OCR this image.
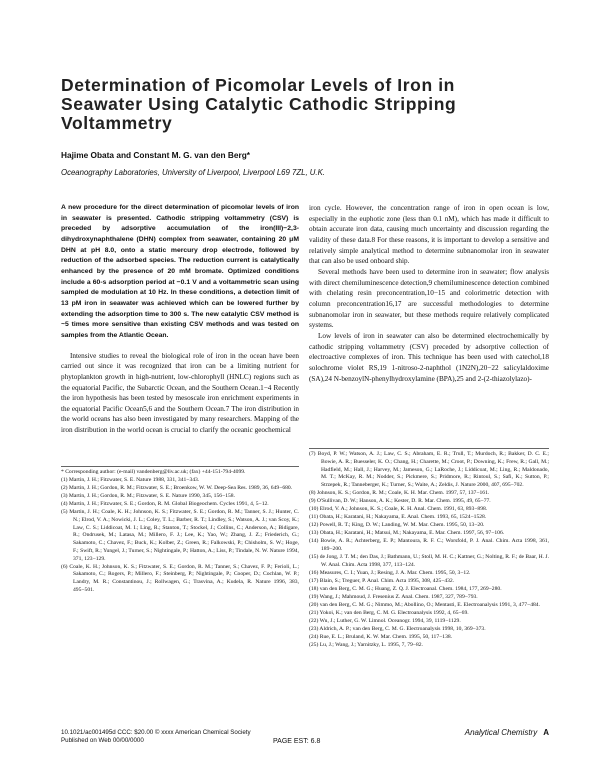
Determination of Picomolar Levels of Iron in
Seawater Using Catalytic Cathodic Stripping
Voltammetry
Hajime Obata and Constant M. G. van den Berg*
Oceanography Laboratories, University of Liverpool, Liverpool L69 7ZL, U.K.

A new procedure for the direct determination of picomolar levels of iron in seawater is presented. Cathodic stripping voltammetry (CSV) is preceded by adsorptive accumulation of the iron(III)−2,3-dihydroxynaphthalene (DHN) complex from seawater, containing 20 μM DHN at pH 8.0, onto a static mercury drop electrode, followed by reduction of the adsorbed species. The reduction current is catalytically enhanced by the presence of 20 mM bromate. Optimized conditions include a 60-s adsorption period at −0.1 V and a voltammetric scan using sampled de modulation at 10 Hz. In these conditions, a detection limit of 13 pM iron in seawater was achieved which can be lowered further by extending the adsorption time to 300 s. The new catalytic CSV method is ~5 times more sensitive than existing CSV methods and was tested on samples from the Atlantic Ocean.

Intensive studies to reveal the biological role of iron in the ocean have been carried out since it was recognized that iron can be a limiting nutrient for phytoplankton growth in high-nutrient, low-chlorophyll (HNLC) regions such as the equatorial Pacific, the Subarctic Ocean, and the Southern Ocean.1−4 Recently the iron hypothesis has been tested by mesoscale iron enrichment experiments in the equatorial Pacific Ocean5,6 and the Southern Ocean.7 The iron distribution in the world oceans has also been investigated by many researchers. Mapping of the iron distribution in the world ocean is crucial to clarify the oceanic geochemical

iron cycle. However, the concentration range of iron in open ocean is low, especially in the euphotic zone (less than 0.1 nM), which has made it difficult to obtain accurate iron data, causing much uncertainty and discussion regarding the validity of these data.8 For these reasons, it is important to develop a sensitive and relatively simple analytical method to determine subnanomolar iron in seawater that can also be used onboard ship.

Several methods have been used to determine iron in seawater; flow analysis with direct chemiluminescence detection,9 chemiluminescence detection combined with chelating resin preconcentration,10−15 and colorimetric detection with column preconcentration16,17 are successful methodologies to determine subnanomolar iron in seawater, but these methods require relatively complicated systems.

Low levels of iron in seawater can also be determined electrochemically by cathodic stripping voltammetry (CSV) preceded by adsorptive collection of electroactive complexes of iron. This technique has been used with catechol,18 solochrome violet RS,19 1-nitroso-2-naphthol (1N2N),20−22 salicylaldoxime (SA),24 N-benzoylN-phenylhydroxylamine (BPA),25 and 2-(2-thiazolylazo)-

* Corresponding author: (e-mail) vandenberg@liv.ac.uk; (fax) +44-151-794-4099.

(1) Martin, J. H.; Fitzwater, S. E. Nature 1988, 331, 341−343.

(2) Martin, J. H.; Gordon, R. M.; Fitzwater, S. E.; Broenkow, W. W. Deep-Sea Res. 1989, 36, 649−680.

(3) Martin, J. H.; Gordon, R. M.; Fitzwater, S. E. Nature 1990, 345, 156−158.

(4) Martin, J. H.; Fitzwater, S. E.; Gordon, R. M. Global Biogeochem. Cycles 1991, 4, 5−12.

(5) Martin, J. H.; Coale, K. H.; Johnson, K. S.; Fitzwater, S. E.; Gordon, R. M.; Tanner, S. J.; Hunter, C. N.; Elrod, V. A.; Nowicki, J. L.; Coley, T. L.; Barber, R. T.; Lindley, S.; Watson, A. J.; van Scoy, K.; Law, C. S.; Liddicoat, M. I.; Ling, R.; Stanton, T.; Stockel, J.; Collins, C.; Anderson, A.; Bidigare, R.; Ondrusek, M.; Latasa, M.; Millero, F. J.; Lee, K.; Yao, W.; Zhang, J. Z.; Friederich, G.; Sakamoto, C.; Chavez, F.; Buck, K.; Kolber, Z.; Green, R.; Falkowski, P.; Chisholm, S. W.; Hoge, F.; Swift, R.; Yungel, J.; Turner, S.; Nightingale, P.; Hatton, A.; Liss, P.; Tindale, N. W. Nature 1994, 371, 123−129.

(6) Coale, K. H.; Johnson, K. S.; Fitzwater, S. E.; Gordon, R. M.; Tanner, S.; Chavez, F. P.; Ferioli, L.; Sakamoto, C.; Rogers, P.; Millero, F.; Steinberg, P.; Nightingale, P.; Cooper, D.; Cochlan, W. P.; Landry, M. R.; Constantinou, J.; Rollwagen, G.; Trasvina, A.; Kudela, R. Nature 1996, 383, 495−501.

(7) Boyd, P. W.; Watson, A. J.; Law, C. S.; Abraham, E. R.; Trull, T.; Murdoch, R.; Bakker, D. C. E.; Bowie, A. R.; Buesseler, K. O.; Chang, H.; Charette, M.; Croot, P.; Downing, K.; Frew, R.; Gall, M.; Hadfield, M.; Hall, J.; Harvey, M.; Jameson, G.; LaRoche, J.; Liddicoat, M.; Ling, R.; Maldonado, M. T.; McKay, R. M.; Nodder, S.; Pickmere, S.; Pridmore, R.; Rintoul, S.; Safi, K.; Sutton, P.; Strzepek, R.; Tanneberger, K.; Turner, S.; Waite, A.; Zeldis, J. Nature 2000, 407, 695−702.

(8) Johnson, K. S.; Gordon, R. M.; Coale, K. H. Mar. Chem. 1997, 57, 137−161.

(9) O'Sullivan, D. W.; Hanson, A. K.; Kester, D. R. Mar. Chem. 1995, 49, 65−77.

(10) Elrod, V. A.; Johnson, K. S.; Coale, K. H. Anal. Chem. 1991, 63, 893−898.

(11) Obata, H.; Karatani, H.; Nakayama, E. Anal. Chem. 1993, 65, 1524−1528.

(12) Powell, R. T.; King, D. W.; Landing, W. M. Mar. Chem. 1995, 50, 13−20.

(13) Obata, H.; Karatani, H.; Matsui, M.; Nakayama, E. Mar. Chem. 1997, 56, 97−106.

(14) Bowie, A. R.; Achterberg, E. P.; Mantoura, R. F. C.; Worsfold, P. J. Anal. Chim. Acta 1998, 361, 189−200.

(15) de Jong, J. T. M.; den Das, J.; Bathmann, U.; Stoll, M. H. C.; Kattner, G.; Nolting, R. F.; de Baar, H. J. W. Anal. Chim. Acta 1998, 377, 113−124.

(16) Measures, C. I.; Yuan, J.; Resing, J. A. Mar. Chem. 1995, 50, 3−12.

(17) Blain, S.; Treguer, P. Anal. Chim. Acta 1995, 308, 425−432.

(18) van den Berg, C. M. G.; Huang, Z. Q. J. Electroanal. Chem. 1984, 177, 269−280.

(19) Wang, J.; Mahmoud, J. Fresenius Z. Anal. Chem. 1987, 327, 789−793.

(20) van den Berg, C. M. G.; Nimmo, M.; Abollino, O.; Mentasti, E. Electroanalysis 1991, 3, 477−484.

(21) Yokoi, K.; van den Berg, C. M. G. Electroanalysis 1992, 4, 65−69.

(22) Wu, J.; Luther, G. W. Limnol. Oceanogr. 1994, 39, 1119−1129.

(23) Aldrich, A. P.; van den Berg, C. M. G. Electroanalysis 1998, 10, 369−373.

(24) Rue, E. L.; Bruland, K. W. Mar. Chem. 1995, 50, 117−138.

(25) Lu, J.; Wang, J.; Yarnitzky, L. 1995, 7, 79−82.

10.1021/ac001495d CCC: $20.00 © xxxx American Chemical Society
Published on Web 00/00/0000	PAGE EST: 6.8
Analytical Chemistry A
